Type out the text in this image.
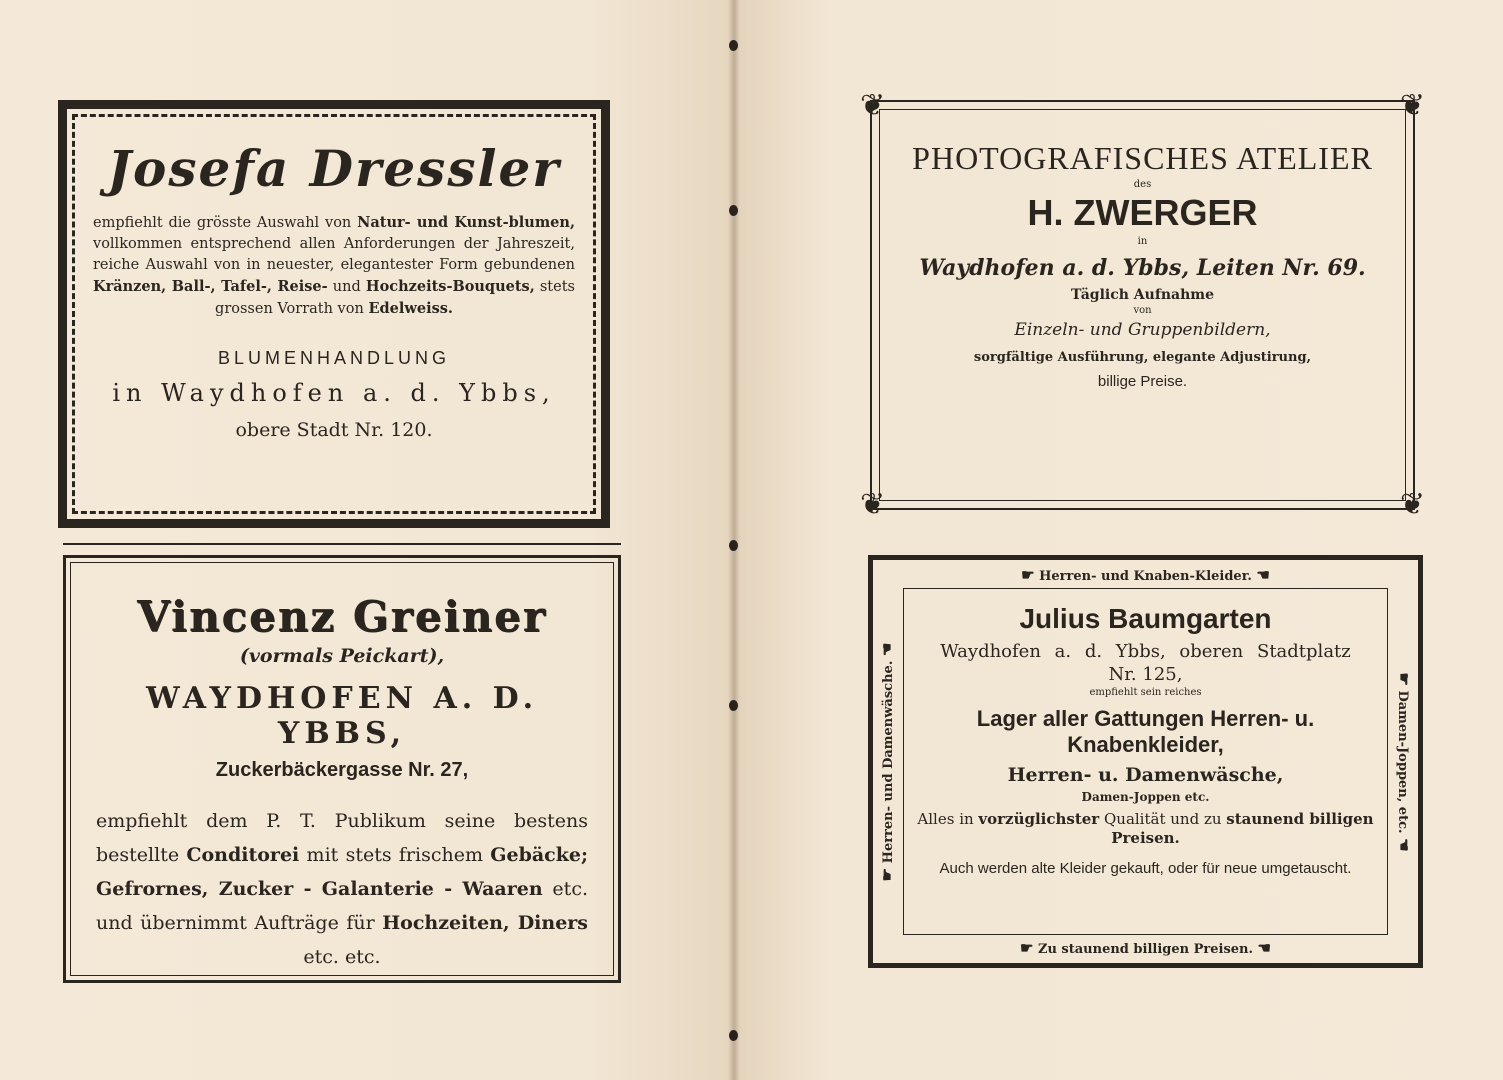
Josefa Dressler
empfiehlt die grösste Auswahl von Natur- und Kunst-blumen, vollkommen entsprechend allen Anforderungen der Jahreszeit, reiche Auswahl von in neuester, elegantester Form gebundenen Kränzen, Ball-, Tafel-, Reise- und Hochzeits-Bouquets, stets grossen Vorrath von Edelweiss.
BLUMENHANDLUNG
in Waydhofen a. d. Ybbs,
obere Stadt Nr. 120.
Vincenz Greiner
(vormals Peickart),
WAYDHOFEN A. D. YBBS,
Zuckerbäckergasse Nr. 27,
empfiehlt dem P. T. Publikum seine bestens bestellte Conditorei mit stets frischem Gebäcke; Gefrornes, Zucker - Galanterie - Waaren etc. und übernimmt Aufträge für Hochzeiten, Diners etc. etc.
❦	❦
❦	❦
PHOTOGRAFISCHES ATELIER
des
H. ZWERGER
in
Waydhofen a. d. Ybbs, Leiten Nr. 69.
Täglich Aufnahme
von
Einzeln- und Gruppenbildern,
sorgfältige Ausführung, elegante Adjustirung,
billige Preise.
☛ Herren- und Knaben-Kleider. ☚
☛ Zu staunend billigen Preisen. ☚
☛ Herren- und Damenwäsche. ☚
☛ Damen-Joppen, etc. ☚
Julius Baumgarten
Waydhofen a. d. Ybbs, oberen Stadtplatz
Nr. 125,
empfiehlt sein reiches
Lager aller Gattungen Herren- u. Knabenkleider,
Herren- u. Damenwäsche,
Damen-Joppen etc.
Alles in vorzüglichster Qualität und zu staunend billigen Preisen.
Auch werden alte Kleider gekauft, oder für neue umgetauscht.
